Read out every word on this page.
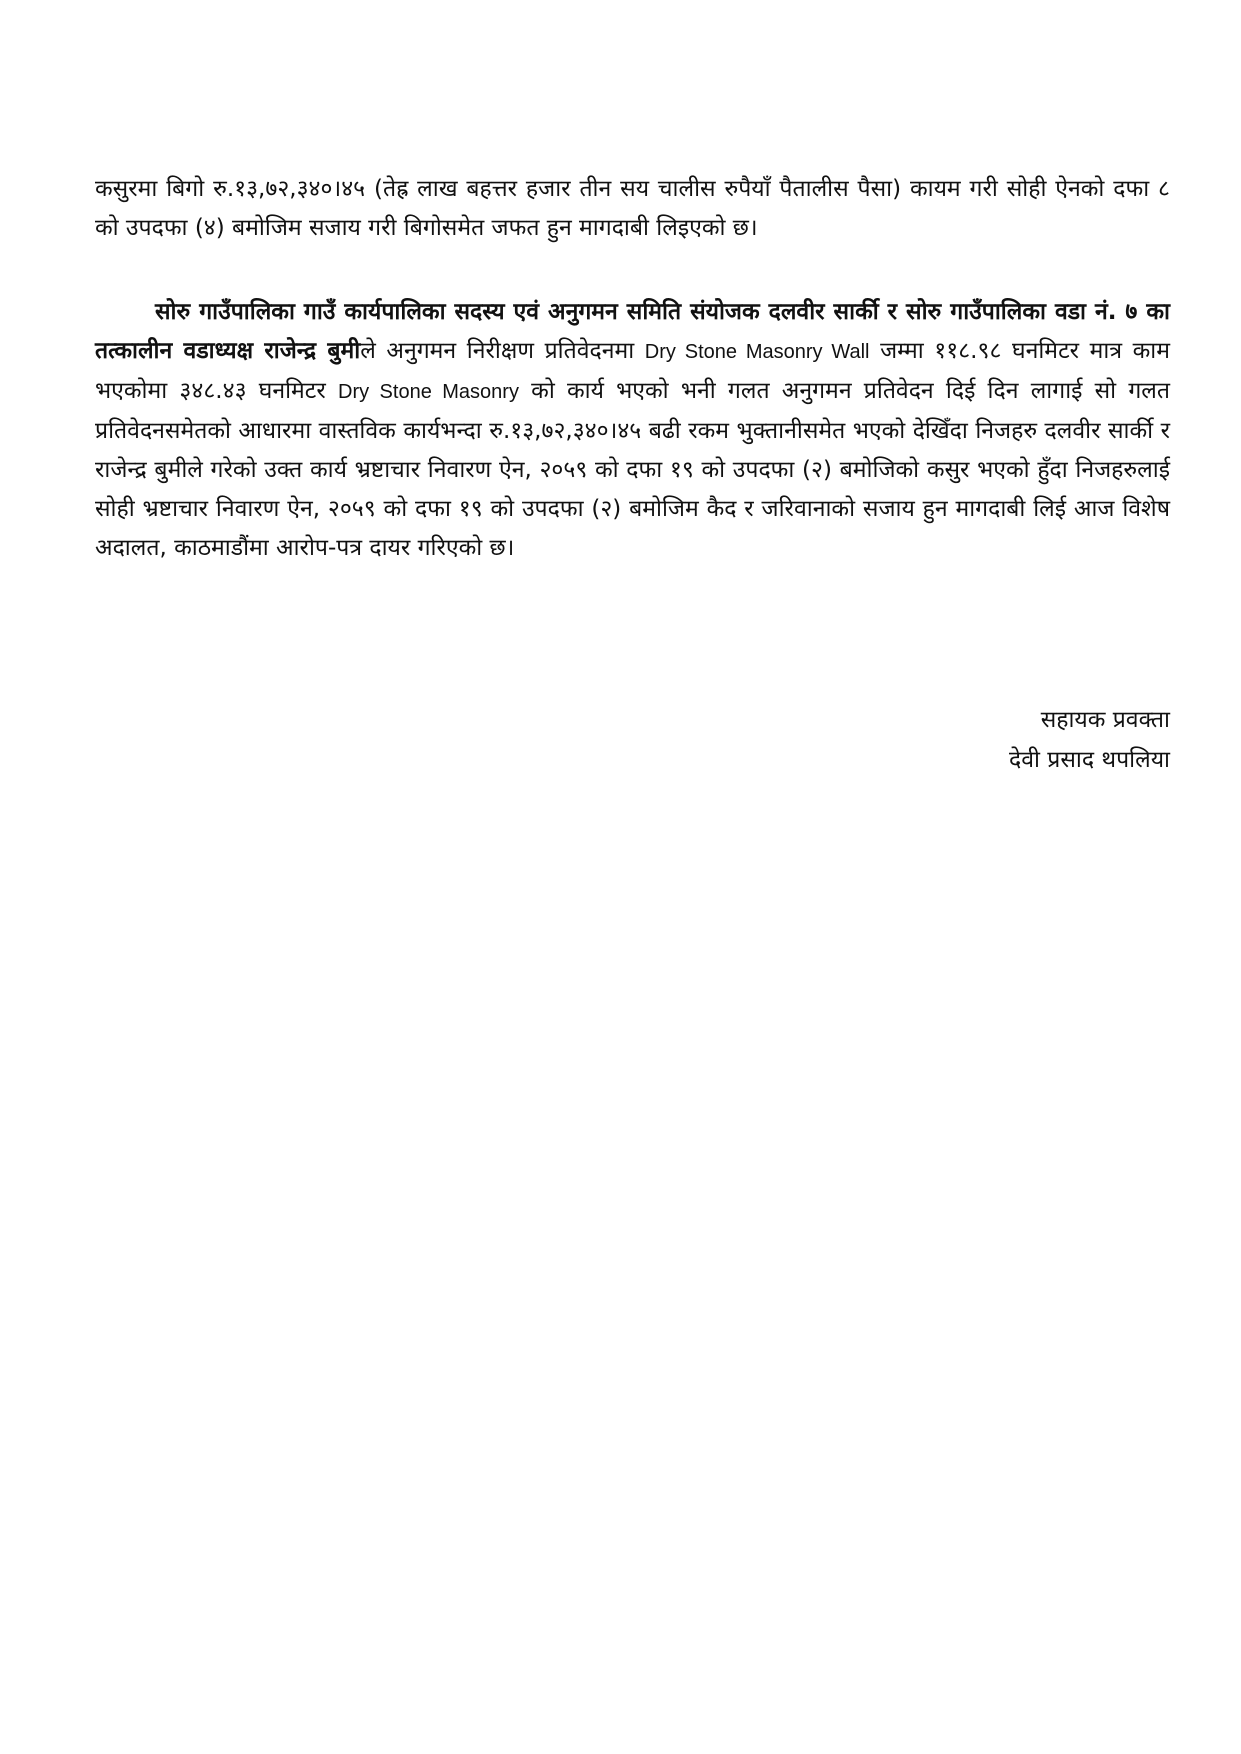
कसुरमा बिगो रु.१३,७२,३४०।४५ (तेह्र लाख बहत्तर हजार तीन सय चालीस रुपैयाँ पैतालीस पैसा) कायम गरी सोही ऐनको दफा ८ को उपदफा (४) बमोजिम सजाय गरी बिगोसमेत जफत हुन मागदाबी लिइएको छ।

सोरु गाउँपालिका गाउँ कार्यपालिका सदस्य एवं अनुगमन समिति संयोजक दलवीर सार्की र सोरु गाउँपालिका वडा नं. ७ का तत्कालीन वडाध्यक्ष राजेन्द्र बुमीले अनुगमन निरीक्षण प्रतिवेदनमा Dry Stone Masonry Wall जम्मा ११८.९८ घनमिटर मात्र काम भएकोमा ३४८.४३ घनमिटर Dry Stone Masonry को कार्य भएको भनी गलत अनुगमन प्रतिवेदन दिई दिन लागाई सो गलत प्रतिवेदनसमेतको आधारमा वास्तविक कार्यभन्दा रु.१३,७२,३४०।४५ बढी रकम भुक्तानीसमेत भएको देखिँदा निजहरु दलवीर सार्की र राजेन्द्र बुमीले गरेको उक्त कार्य भ्रष्टाचार निवारण ऐन, २०५९ को दफा १९ को उपदफा (२) बमोजिको कसुर भएको हुँदा निजहरुलाई सोही भ्रष्टाचार निवारण ऐन, २०५९ को दफा १९ को उपदफा (२) बमोजिम कैद र जरिवानाको सजाय हुन मागदाबी लिई आज विशेष अदालत, काठमाडौंमा आरोप-पत्र दायर गरिएको छ।

सहायक प्रवक्ता
देवी प्रसाद थपलिया
